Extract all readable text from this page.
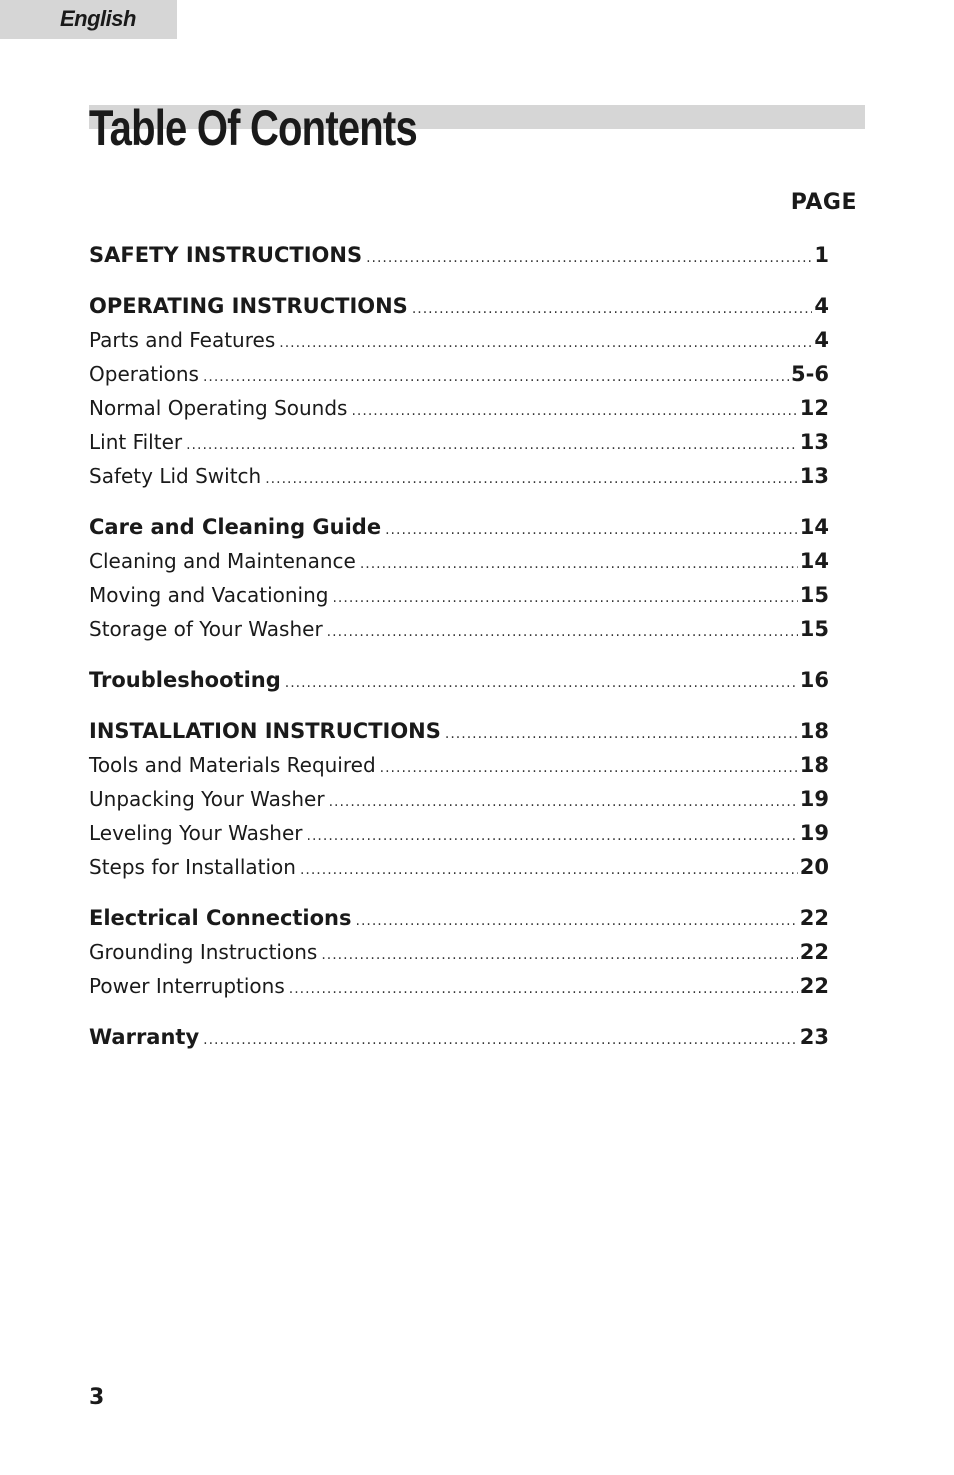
English
Table Of Contents
PAGE
SAFETY INSTRUCTIONS .....	1
OPERATING INSTRUCTIONS .....	4
Parts and Features .....	4
Operations .....	5-6
Normal Operating Sounds .....	12
Lint Filter .....	13
Safety Lid Switch .....	13
Care and Cleaning Guide .....	14
Cleaning and Maintenance .....	14
Moving and Vacationing .....	15
Storage of Your Washer .....	15
Troubleshooting .....	16
INSTALLATION INSTRUCTIONS .....	18
Tools and Materials Required .....	18
Unpacking Your Washer .....	19
Leveling Your Washer .....	19
Steps for Installation .....	20
Electrical Connections .....	22
Grounding Instructions .....	22
Power Interruptions .....	22
Warranty .....	23
3
